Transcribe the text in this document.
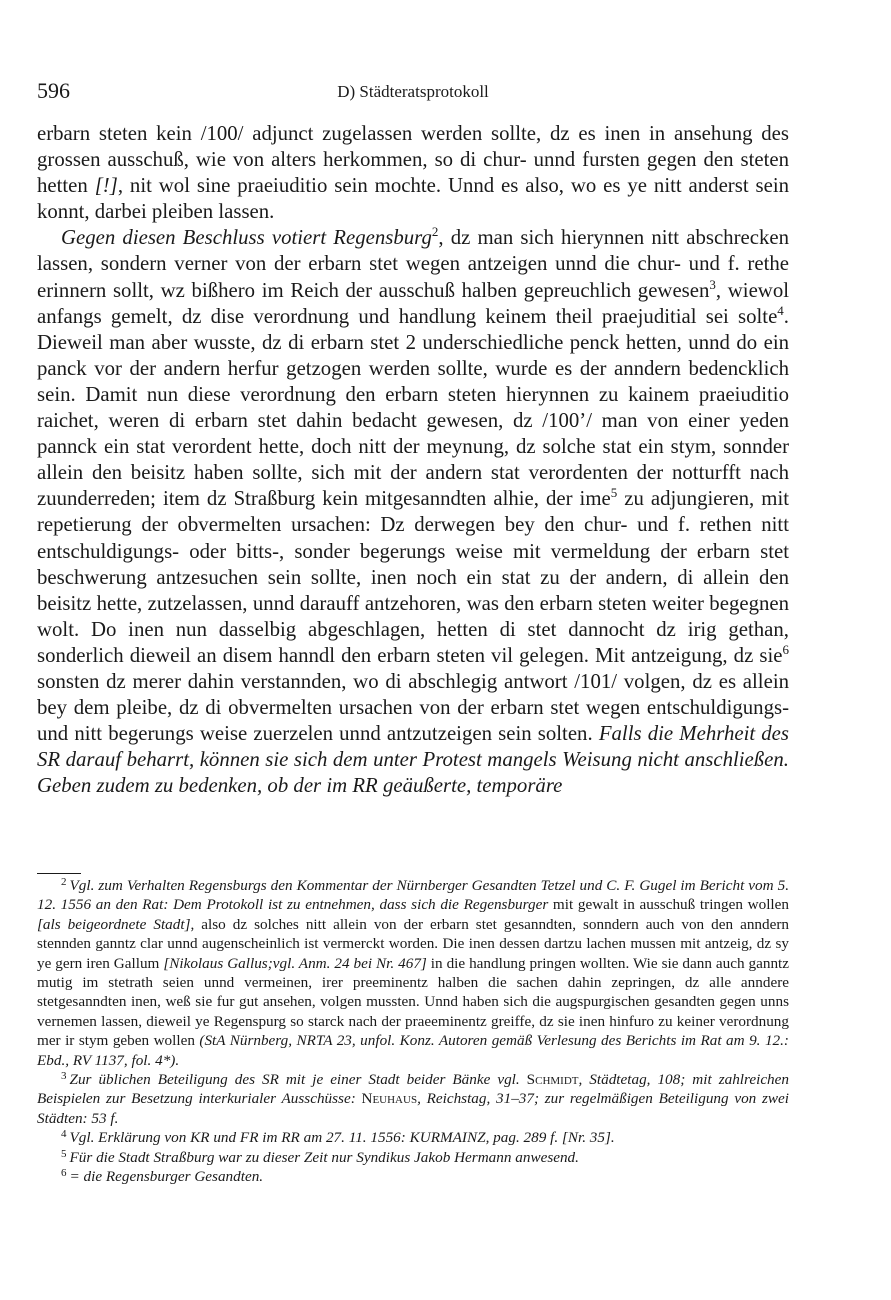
596	D) Städteratsprotokoll

erbarn steten kein /100/ adjunct zugelassen werden sollte, dz es inen in ansehung des grossen ausschuß, wie von alters herkommen, so di chur- unnd fursten gegen den steten hetten [!], nit wol sine praeiuditio sein mochte. Unnd es also, wo es ye nitt anderst sein konnt, darbei pleiben lassen.

Gegen diesen Beschluss votiert Regensburg$^2$, dz man sich hierynnen nitt abschrecken lassen, sondern verner von der erbarn stet wegen antzeigen unnd die chur- und f. rethe erinnern sollt, wz bißhero im Reich der ausschuß halben gepreuchlich gewesen$^3$, wiewol anfangs gemelt, dz dise verordnung und handlung keinem theil praejuditial sei solte$^4$. Dieweil man aber wusste, dz di erbarn stet 2 underschiedliche penck hetten, unnd do ein panck vor der andern herfur getzogen werden sollte, wurde es der anndern bedencklich sein. Damit nun diese verordnung den erbarn steten hierynnen zu kainem praeiuditio raichet, weren di erbarn stet dahin bedacht gewesen, dz /100’/ man von einer yeden pannck ein stat verordent hette, doch nitt der meynung, dz solche stat ein stym, sonnder allein den beisitz haben sollte, sich mit der andern stat verordenten der notturfft nach zuunderreden; item dz Straßburg kein mitgesanndten alhie, der ime$^5$ zu adjungieren, mit repetierung der obvermelten ursachen: Dz derwegen bey den chur- und f. rethen nitt entschuldigungs- oder bitts-, sonder begerungs weise mit vermeldung der erbarn stet beschwerung antzesuchen sein sollte, inen noch ein stat zu der andern, di allein den beisitz hette, zutzelassen, unnd darauff antzehoren, was den erbarn steten weiter begegnen wolt. Do inen nun dasselbig abgeschlagen, hetten di stet dannocht dz irig gethan, sonderlich dieweil an disem hanndl den erbarn steten vil gelegen. Mit antzeigung, dz sie$^6$ sonsten dz merer dahin verstannden, wo di abschlegig antwort /101/ volgen, dz es allein bey dem pleibe, dz di obvermelten ursachen von der erbarn stet wegen entschuldigungs- und nitt begerungs weise zuerzelen unnd antzutzeigen sein solten. Falls die Mehrheit des SR darauf beharrt, können sie sich dem unter Protest mangels Weisung nicht anschließen. Geben zudem zu bedenken, ob der im RR geäußerte, temporäre

$^2$ Vgl. zum Verhalten Regensburgs den Kommentar der Nürnberger Gesandten Tetzel und C. F. Gugel im Bericht vom 5. 12. 1556 an den Rat: Dem Protokoll ist zu entnehmen, dass sich die Regensburger mit gewalt in ausschuß tringen wollen [als beigeordnete Stadt], also dz solches nitt allein von der erbarn stet gesanndten, sonndern auch von den anndern stennden ganntz clar unnd augenscheinlich ist vermerckt worden. Die inen dessen dartzu lachen mussen mit antzeig, dz sy ye gern iren Gallum [Nikolaus Gallus;vgl. Anm. 24 bei Nr. 467] in die handlung pringen wollten. Wie sie dann auch ganntz mutig im stetrath seien unnd vermeinen, irer preeminentz halben die sachen dahin zepringen, dz alle anndere stetgesanndten inen, weß sie fur gut ansehen, volgen mussten. Unnd haben sich die augspurgischen gesandten gegen unns vernemen lassen, dieweil ye Regenspurg so starck nach der praeeminentz greiffe, dz sie inen hinfuro zu keiner verordnung mer ir stym geben wollen (StA Nürnberg, NRTA 23, unfol. Konz. Autoren gemäß Verlesung des Berichts im Rat am 9. 12.: Ebd., RV 1137, fol. 4*).

$^3$ Zur üblichen Beteiligung des SR mit je einer Stadt beider Bänke vgl. Schmidt, Städtetag, 108; mit zahlreichen Beispielen zur Besetzung interkurialer Ausschüsse: Neuhaus, Reichstag, 31–37; zur regelmäßigen Beteiligung von zwei Städten: 53 f.

$^4$ Vgl. Erklärung von KR und FR im RR am 27. 11. 1556: KURMAINZ, pag. 289 f. [Nr. 35].

$^5$ Für die Stadt Straßburg war zu dieser Zeit nur Syndikus Jakob Hermann anwesend.

$^6$ = die Regensburger Gesandten.
